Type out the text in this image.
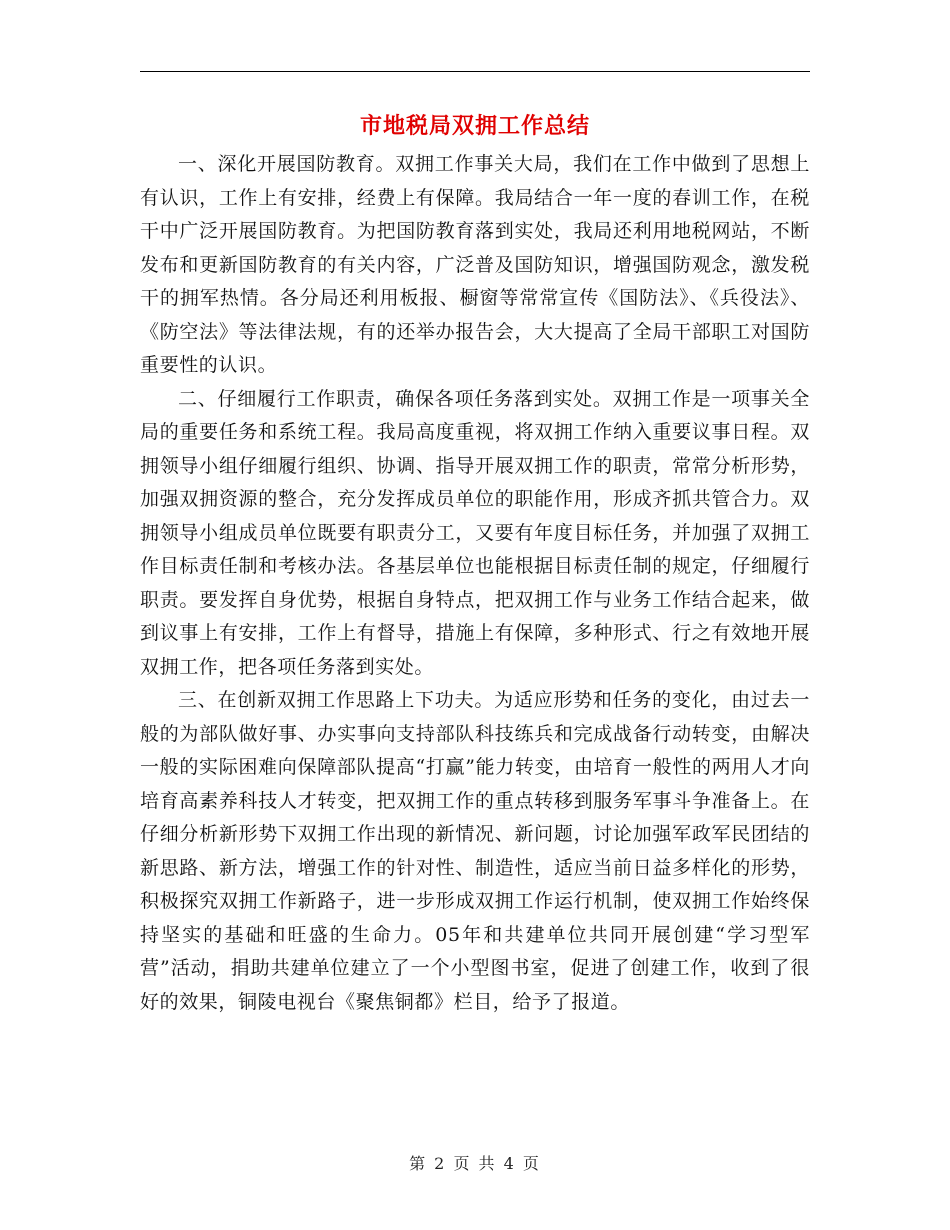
市地税局双拥工作总结

一、深化开展国防教育。双拥工作事关大局，我们在工作中做到了思想上有认识，工作上有安排，经费上有保障。我局结合一年一度的春训工作，在税干中广泛开展国防教育。为把国防教育落到实处，我局还利用地税网站，不断发布和更新国防教育的有关内容，广泛普及国防知识，增强国防观念，激发税干的拥军热情。各分局还利用板报、橱窗等常常宣传《国防法》、《兵役法》、《防空法》等法律法规，有的还举办报告会，大大提高了全局干部职工对国防重要性的认识。

二、仔细履行工作职责，确保各项任务落到实处。双拥工作是一项事关全局的重要任务和系统工程。我局高度重视，将双拥工作纳入重要议事日程。双拥领导小组仔细履行组织、协调、指导开展双拥工作的职责，常常分析形势，加强双拥资源的整合，充分发挥成员单位的职能作用，形成齐抓共管合力。双拥领导小组成员单位既要有职责分工，又要有年度目标任务，并加强了双拥工作目标责任制和考核办法。各基层单位也能根据目标责任制的规定，仔细履行职责。要发挥自身优势，根据自身特点，把双拥工作与业务工作结合起来，做到议事上有安排，工作上有督导，措施上有保障，多种形式、行之有效地开展双拥工作，把各项任务落到实处。

三、在创新双拥工作思路上下功夫。为适应形势和任务的变化，由过去一般的为部队做好事、办实事向支持部队科技练兵和完成战备行动转变，由解决一般的实际困难向保障部队提高“打赢”能力转变，由培育一般性的两用人才向培育高素养科技人才转变，把双拥工作的重点转移到服务军事斗争准备上。在仔细分析新形势下双拥工作出现的新情况、新问题，讨论加强军政军民团结的新思路、新方法，增强工作的针对性、制造性，适应当前日益多样化的形势，积极探究双拥工作新路子，进一步形成双拥工作运行机制，使双拥工作始终保持坚实的基础和旺盛的生命力。05年和共建单位共同开展创建“学习型军营”活动，捐助共建单位建立了一个小型图书室，促进了创建工作，收到了很好的效果，铜陵电视台《聚焦铜都》栏目，给予了报道。

第 2 页 共 4 页
